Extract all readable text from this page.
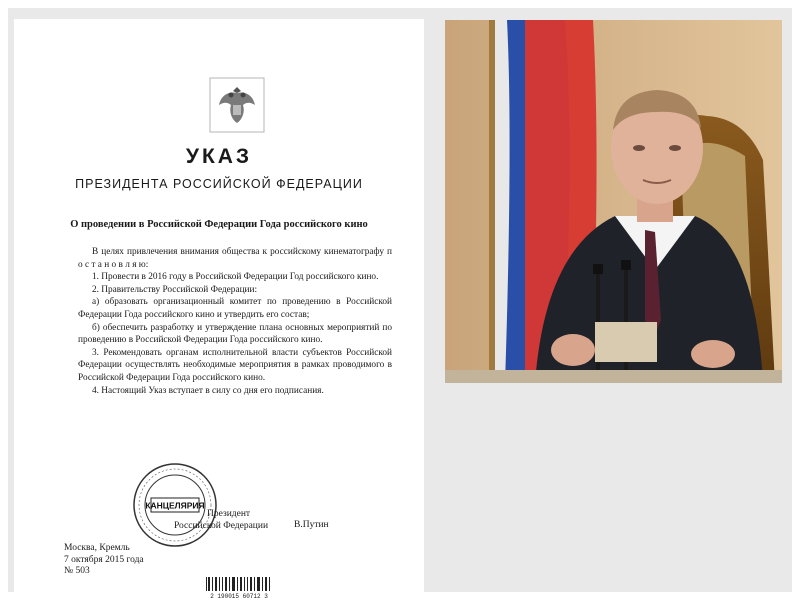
УКАЗ
ПРЕЗИДЕНТА РОССИЙСКОЙ ФЕДЕРАЦИИ
О проведении в Российской Федерации Года российского кино

В целях привлечения внимания общества к российскому кинематографу п о с т а н о в л я ю:

1. Провести в 2016 году в Российской Федерации Год российского кино.

2. Правительству Российской Федерации:

а) образовать организационный комитет по проведению в Российской Федерации Года российского кино и утвердить его состав;

б) обеспечить разработку и утверждение плана основных мероприятий по проведению в Российской Федерации Года российского кино.

3. Рекомендовать органам исполнительной власти субъектов Российской Федерации осуществлять необходимые мероприятия в рамках проводимого в Российской Федерации Года российского кино.

4. Настоящий Указ вступает в силу со дня его подписания.

КАНЦЕЛЯРИЯ
Президент
Российской Федерации	В.Путин
Москва, Кремль
7 октября 2015 года
№ 503
2 190015 60712 3
